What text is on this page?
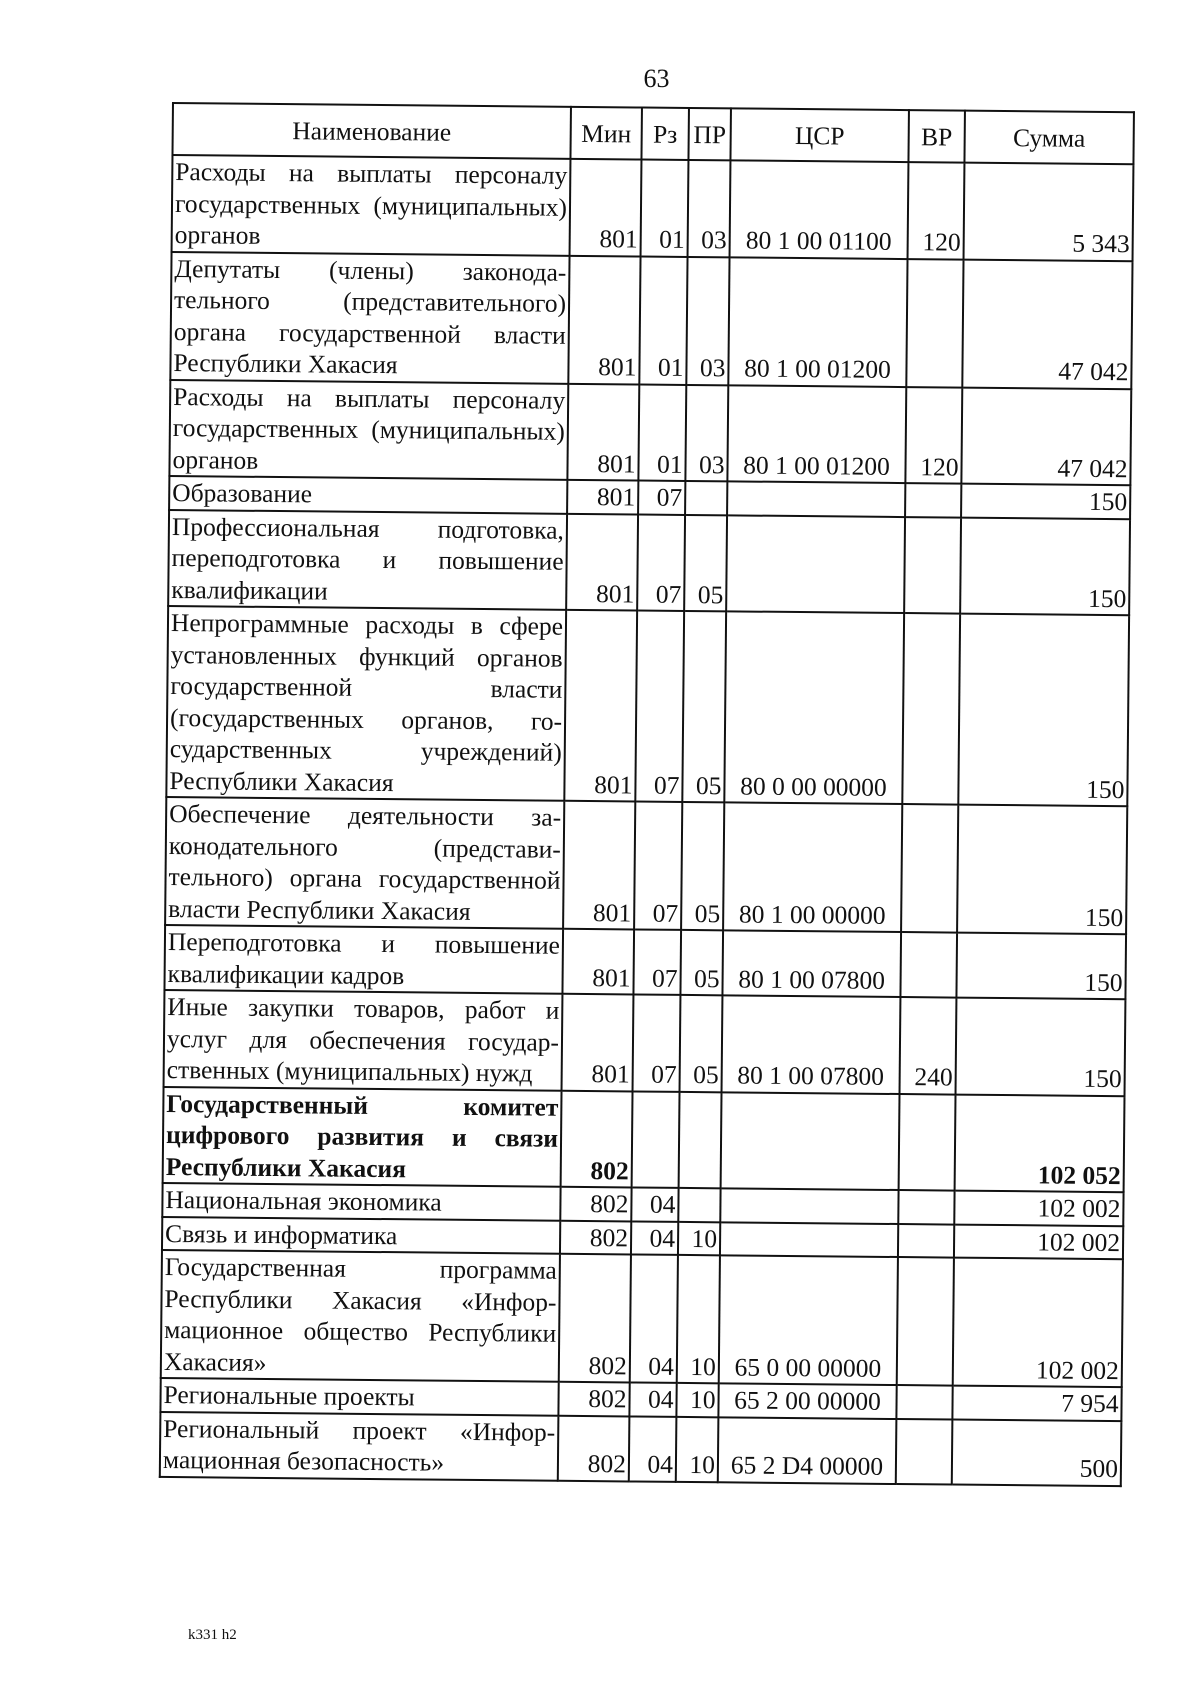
63
Наименование	Мин	Рз	ПР	ЦСР	ВР	Сумма
Расходы на выплаты персоналу государственных (муниципальных) органов	801	01	03	80 1 00 01100	120	5 343
Депутаты (члены) законодательного (представительного) органа государственной власти Республики Хакасия	801	01	03	80 1 00 01200		47 042
Расходы на выплаты персоналу государственных (муниципальных) органов	801	01	03	80 1 00 01200	120	47 042
Образование	801	07				150
Профессиональная подготовка, переподготовка и повышение квалификации	801	07	05			150
Непрограммные расходы в сфере установленных функций органов государственной власти (государственных органов, государственных учреждений) Республики Хакасия	801	07	05	80 0 00 00000		150
Обеспечение деятельности законодательного (представительного) органа государственной власти Республики Хакасия	801	07	05	80 1 00 00000		150
Переподготовка и повышение квалификации кадров	801	07	05	80 1 00 07800		150
Иные закупки товаров, работ и услуг для обеспечения государственных (муниципальных) нужд	801	07	05	80 1 00 07800	240	150
Государственный комитет цифрового развития и связи Республики Хакасия	802					102 052
Национальная экономика	802	04				102 002
Связь и информатика	802	04	10			102 002
Государственная программа Республики Хакасия «Информационное общество Республики Хакасия»	802	04	10	65 0 00 00000		102 002
Региональные проекты	802	04	10	65 2 00 00000		7 954
Региональный проект «Информационная безопасность»	802	04	10	65 2 D4 00000		500
k331 h2
